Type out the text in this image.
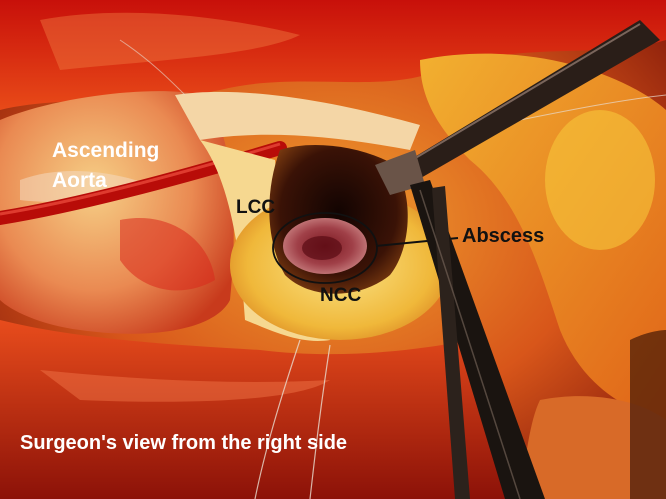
Ascending
Aorta
LCC
NCC
Abscess
Surgeon's view from the right side
